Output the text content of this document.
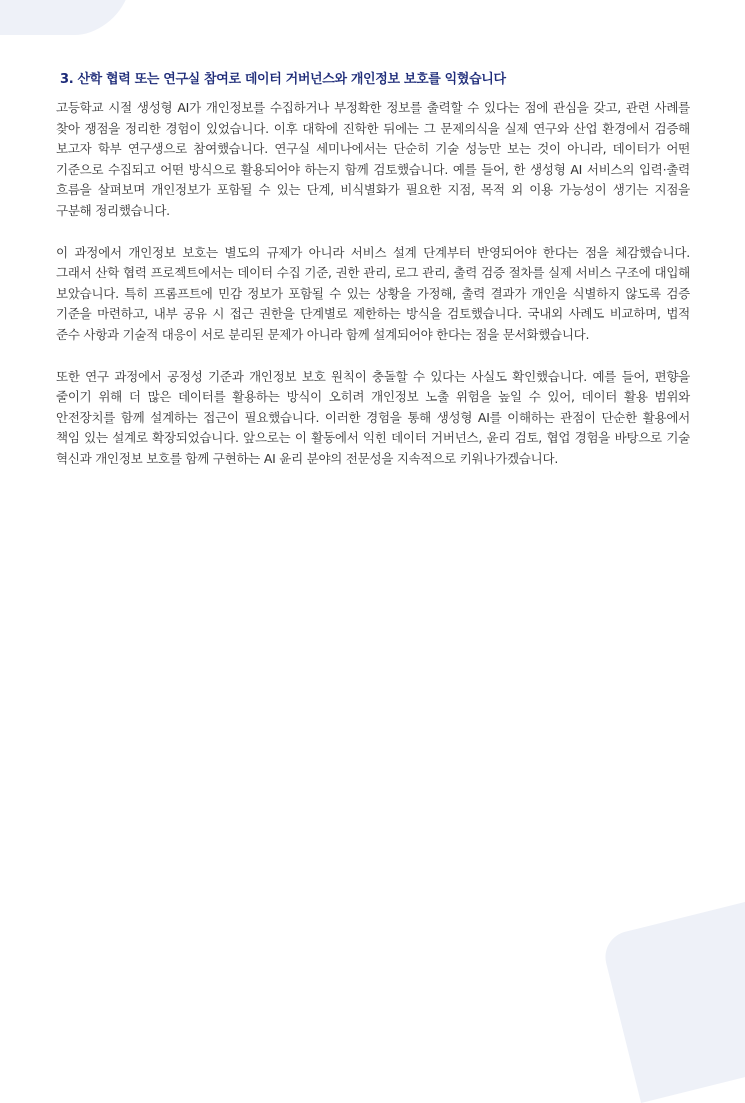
3. 산학 협력 또는 연구실 참여로 데이터 거버넌스와 개인정보 보호를 익혔습니다

고등학교 시절 생성형 AI가 개인정보를 수집하거나 부정확한 정보를 출력할 수 있다는 점에 관심을 갖고, 관련 사례를 찾아 쟁점을 정리한 경험이 있었습니다. 이후 대학에 진학한 뒤에는 그 문제의식을 실제 연구와 산업 환경에서 검증해 보고자 학부 연구생으로 참여했습니다. 연구실 세미나에서는 단순히 기술 성능만 보는 것이 아니라, 데이터가 어떤 기준으로 수집되고 어떤 방식으로 활용되어야 하는지 함께 검토했습니다. 예를 들어, 한 생성형 AI 서비스의 입력·출력 흐름을 살펴보며 개인정보가 포함될 수 있는 단계, 비식별화가 필요한 지점, 목적 외 이용 가능성이 생기는 지점을 구분해 정리했습니다.

이 과정에서 개인정보 보호는 별도의 규제가 아니라 서비스 설계 단계부터 반영되어야 한다는 점을 체감했습니다. 그래서 산학 협력 프로젝트에서는 데이터 수집 기준, 권한 관리, 로그 관리, 출력 검증 절차를 실제 서비스 구조에 대입해 보았습니다. 특히 프롬프트에 민감 정보가 포함될 수 있는 상황을 가정해, 출력 결과가 개인을 식별하지 않도록 검증 기준을 마련하고, 내부 공유 시 접근 권한을 단계별로 제한하는 방식을 검토했습니다. 국내외 사례도 비교하며, 법적 준수 사항과 기술적 대응이 서로 분리된 문제가 아니라 함께 설계되어야 한다는 점을 문서화했습니다.

또한 연구 과정에서 공정성 기준과 개인정보 보호 원칙이 충돌할 수 있다는 사실도 확인했습니다. 예를 들어, 편향을 줄이기 위해 더 많은 데이터를 활용하는 방식이 오히려 개인정보 노출 위험을 높일 수 있어, 데이터 활용 범위와 안전장치를 함께 설계하는 접근이 필요했습니다. 이러한 경험을 통해 생성형 AI를 이해하는 관점이 단순한 활용에서 책임 있는 설계로 확장되었습니다. 앞으로는 이 활동에서 익힌 데이터 거버넌스, 윤리 검토, 협업 경험을 바탕으로 기술 혁신과 개인정보 보호를 함께 구현하는 AI 윤리 분야의 전문성을 지속적으로 키워나가겠습니다.
